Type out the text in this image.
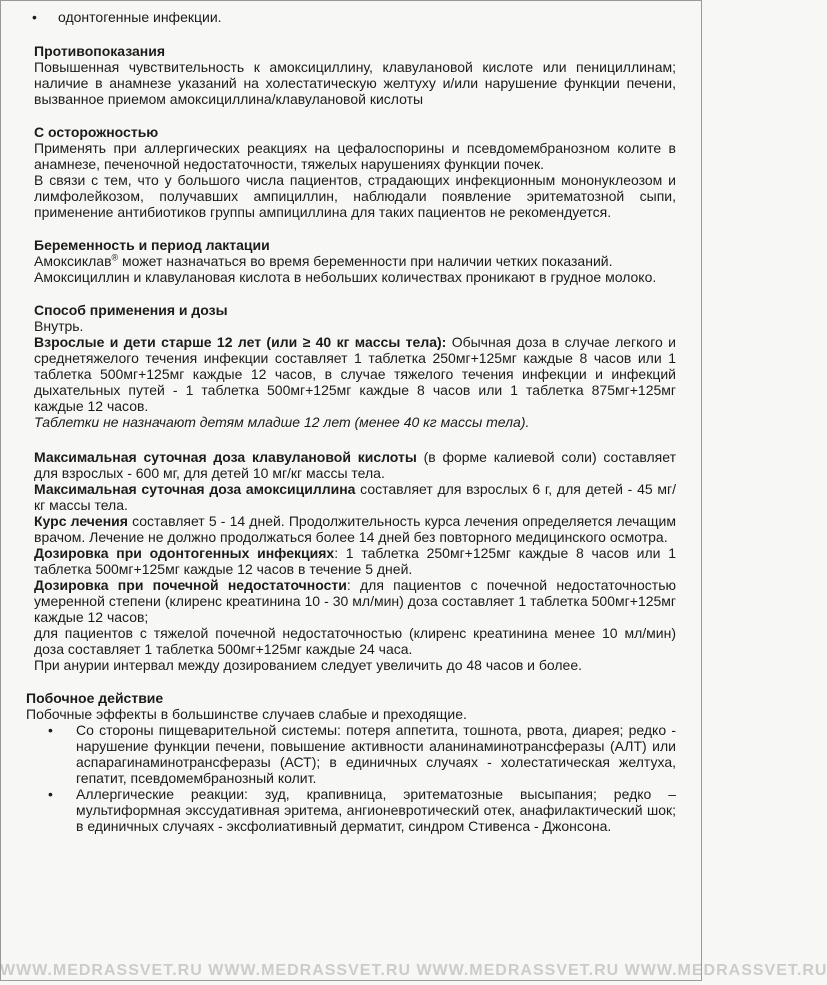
•	одонтогенные инфекции.

Противопоказания

Повышенная чувствительность к амоксициллину, клавулановой кислоте или пенициллинам; наличие в анамнезе указаний на холестатическую желтуху и/или нарушение функции печени, вызванное приемом амоксициллина/клавулановой кислоты

С осторожностью

Применять при аллергических реакциях на цефалоспорины и псевдомембранозном колите в анамнезе, печеночной недостаточности, тяжелых нарушениях функции почек.

В связи с тем, что у большого числа пациентов, страдающих инфекционным мононуклеозом и лимфолейкозом, получавших ампициллин, наблюдали появление эритематозной сыпи, применение антибиотиков группы ампициллина для таких пациентов не рекомендуется.

Беременность и период лактации

Амоксиклав® может назначаться во время беременности при наличии четких показаний.

Амоксициллин и клавулановая кислота в небольших количествах проникают в грудное молоко.

Способ применения и дозы

Внутрь.

Взрослые и дети старше 12 лет (или ≥ 40 кг массы тела): Обычная доза в случае легкого и среднетяжелого течения инфекции составляет 1 таблетка 250мг+125мг каждые 8 часов или 1 таблетка 500мг+125мг каждые 12 часов, в случае тяжелого течения инфекции и инфекций дыхательных путей - 1 таблетка 500мг+125мг каждые 8 часов или 1 таблетка 875мг+125мг каждые 12 часов.

Таблетки не назначают детям младше 12 лет (менее 40 кг массы тела).

Максимальная суточная доза клавулановой кислоты (в форме калиевой соли) составляет для взрослых - 600 мг, для детей 10 мг/кг массы тела.

Максимальная суточная доза амоксициллина составляет для взрослых 6 г, для детей - 45 мг/кг массы тела.

Курс лечения составляет 5 - 14 дней. Продолжительность курса лечения определяется лечащим врачом. Лечение не должно продолжаться более 14 дней без повторного медицинского осмотра.

Дозировка при одонтогенных инфекциях: 1 таблетка 250мг+125мг каждые 8 часов или 1 таблетка 500мг+125мг каждые 12 часов в течение 5 дней.

Дозировка при почечной недостаточности: для пациентов с почечной недостаточностью умеренной степени (клиренс креатинина 10 - 30 мл/мин) доза составляет 1 таблетка 500мг+125мг каждые 12 часов;

для пациентов с тяжелой почечной недостаточностью (клиренс креатинина менее 10 мл/мин) доза составляет 1 таблетка 500мг+125мг каждые 24 часа.

При анурии интервал между дозированием следует увеличить до 48 часов и более.

Побочное действие

Побочные эффекты в большинстве случаев слабые и преходящие.

•	Со стороны пищеварительной системы: потеря аппетита, тошнота, рвота, диарея; редко - нарушение функции печени, повышение активности аланинаминотрансферазы (АЛТ) или аспарагинаминотрансферазы (АСТ); в единичных случаях - холестатическая желтуха, гепатит, псевдомембранозный колит.
•	Аллергические реакции: зуд, крапивница, эритематозные высыпания; редко – мультиформная экссудативная эритема, ангионевротический отек, анафилактический шок; в единичных случаях - эксфолиативный дерматит, синдром Стивенса - Джонсона.
WWW.MEDRASSVET.RU WWW.MEDRASSVET.RU WWW.MEDRASSVET.RU WWW.MEDRASSVET.RU
